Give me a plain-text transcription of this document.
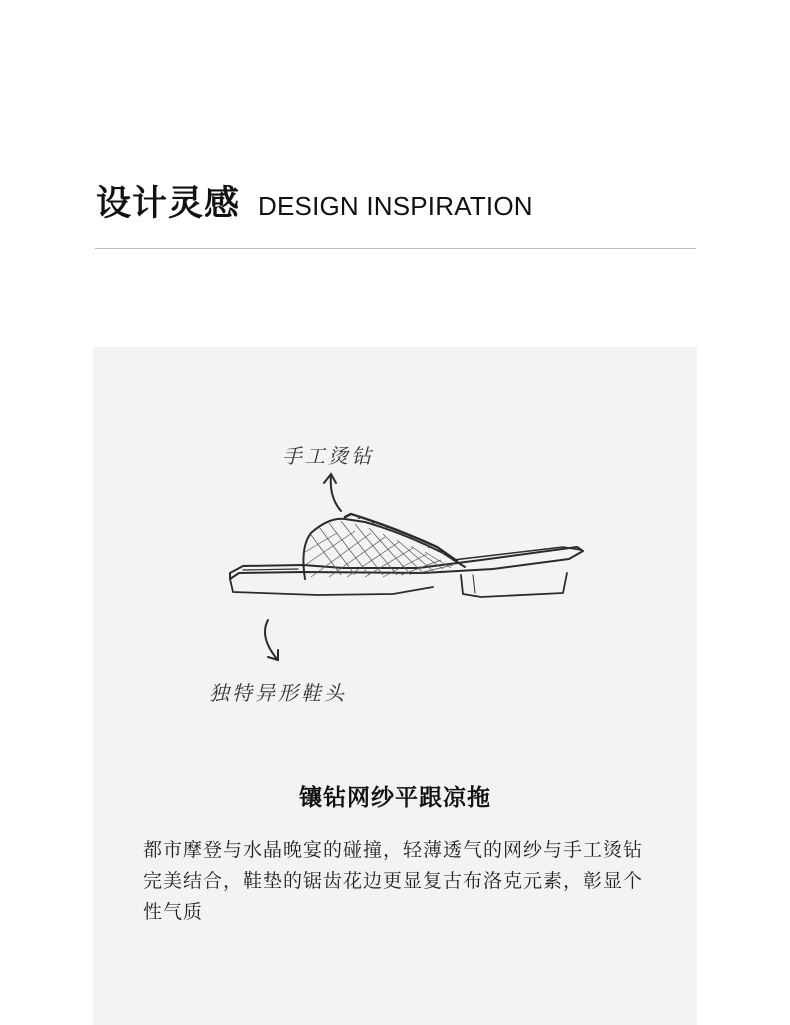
设计灵感 DESIGN INSPIRATION
手工烫钻
独特异形鞋头
镶钻网纱平跟凉拖
都市摩登与水晶晚宴的碰撞，轻薄透气的网纱与手工烫钻完美结合，鞋垫的锯齿花边更显复古布洛克元素，彰显个性气质
